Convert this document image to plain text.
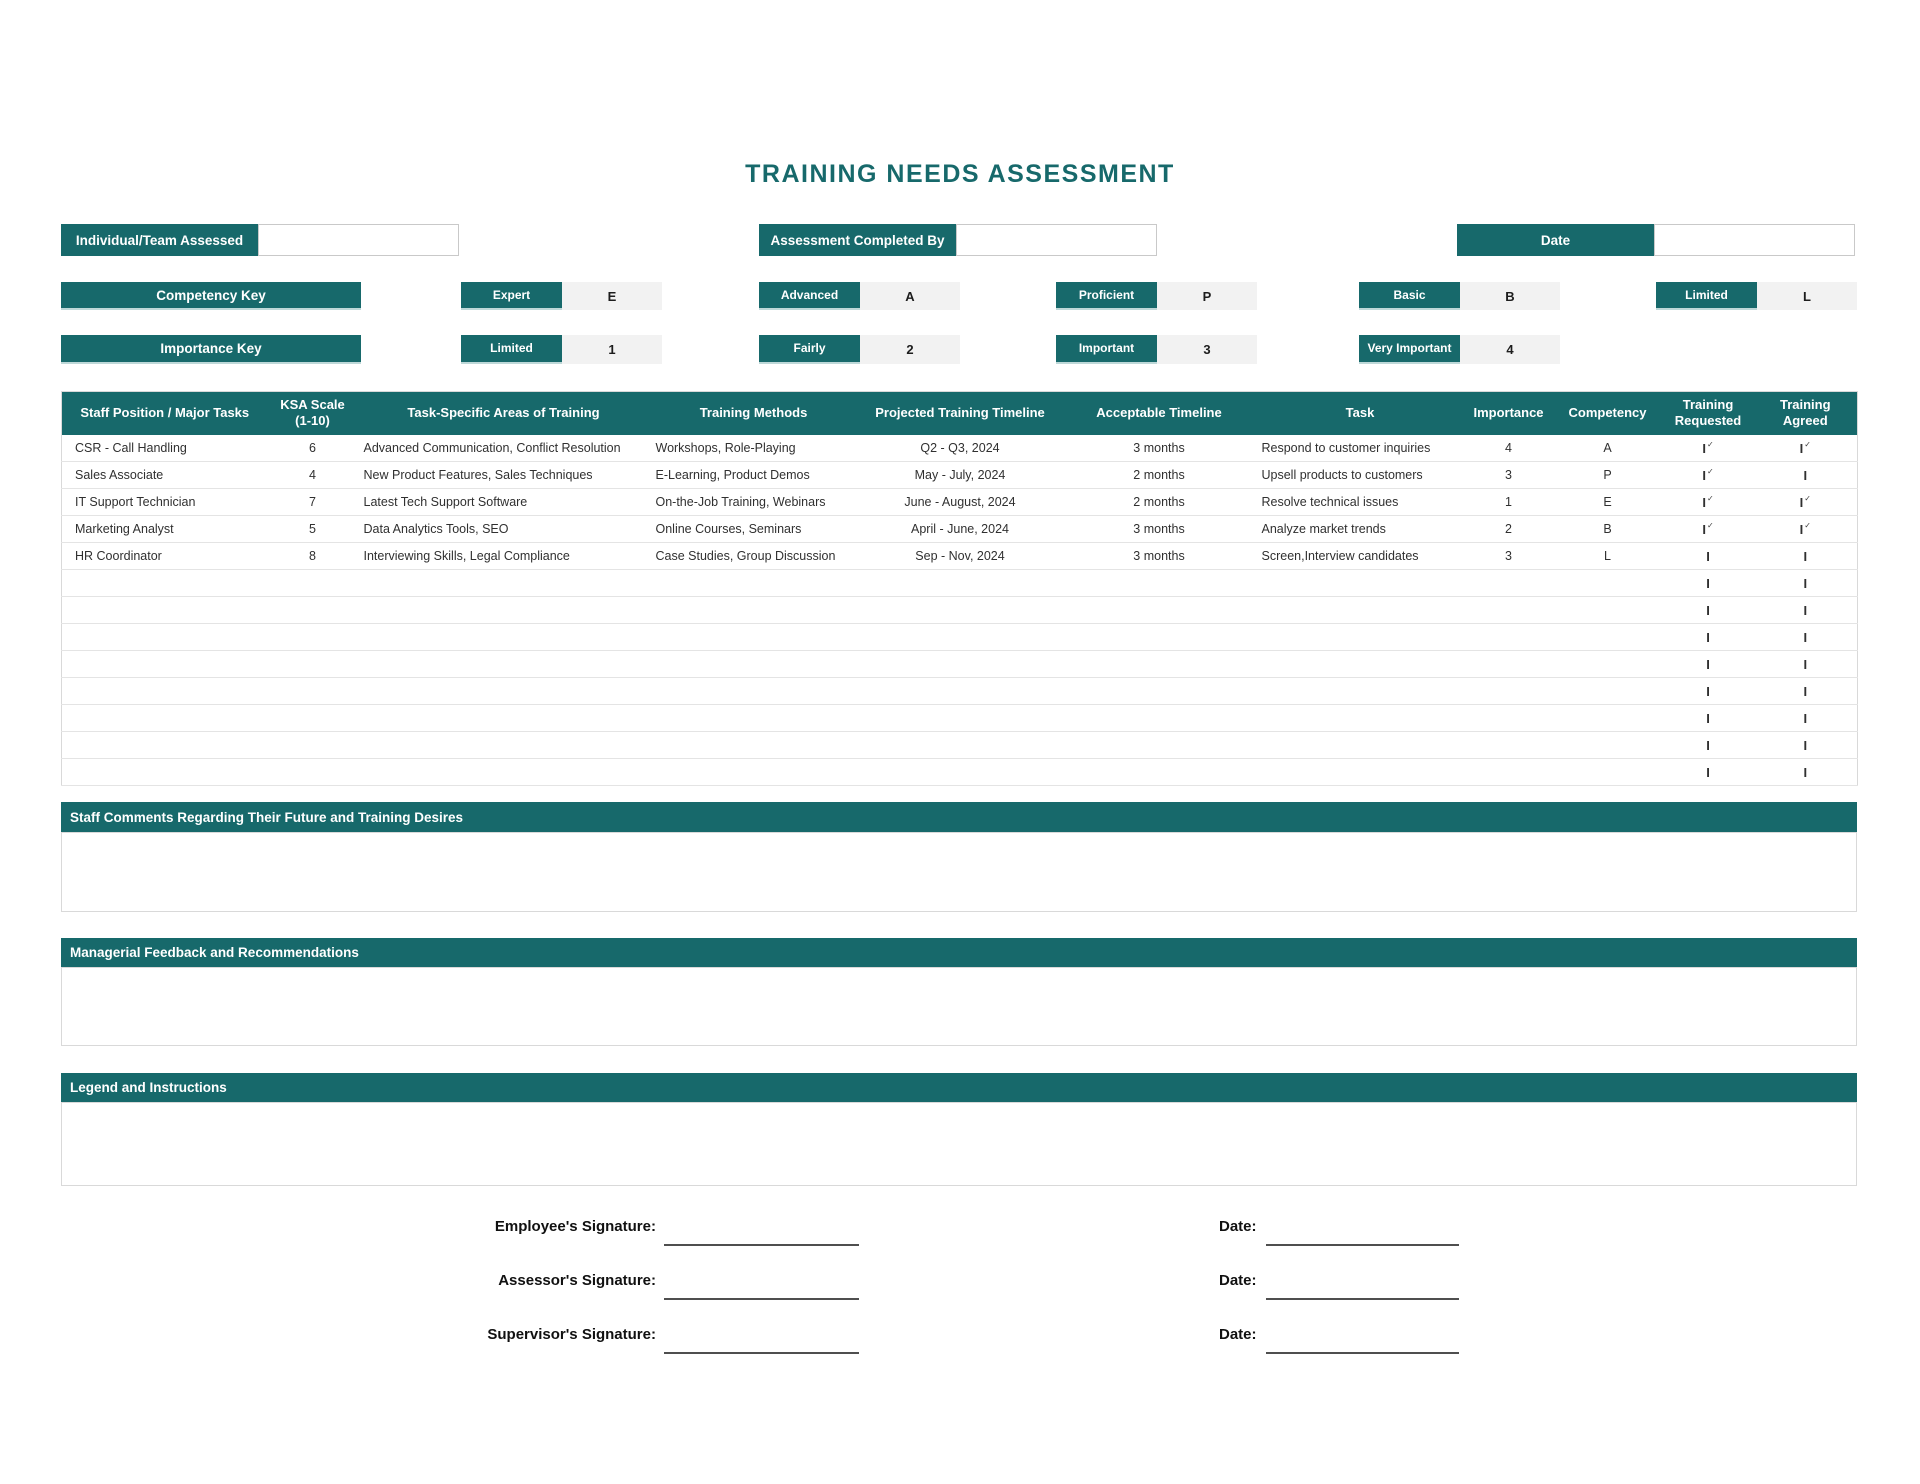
TRAINING NEEDS ASSESSMENT
Individual/Team Assessed	Assessment Completed By	Date
Competency Key	Expert	E	Advanced	A	Proficient	P	Basic	B	Limited	L
Importance Key	Limited	1	Fairly	2	Important	3	Very Important	4
Staff Position / Major Tasks	KSA Scale (1-10)	Task-Specific Areas of Training	Training Methods	Projected Training Timeline	Acceptable Timeline	Task	Importance	Competency	Training Requested	Training Agreed
CSR - Call Handling	6	Advanced Communication, Conflict Resolution	Workshops, Role-Playing	Q2 - Q3, 2024	3 months	Respond to customer inquiries	4	A	I✓	I✓
Sales Associate	4	New Product Features, Sales Techniques	E-Learning, Product Demos	May - July, 2024	2 months	Upsell products to customers	3	P	I✓	I
IT Support Technician	7	Latest Tech Support Software	On-the-Job Training, Webinars	June - August, 2024	2 months	Resolve technical issues	1	E	I✓	I✓
Marketing Analyst	5	Data Analytics Tools, SEO	Online Courses, Seminars	April - June, 2024	3 months	Analyze market trends	2	B	I✓	I✓
HR Coordinator	8	Interviewing Skills, Legal Compliance	Case Studies, Group Discussion	Sep - Nov, 2024	3 months	Screen,Interview candidates	3	L	I	I
									I	I
									I	I
									I	I
									I	I
									I	I
									I	I
									I	I
									I	I
Staff Comments Regarding Their Future and Training Desires
Managerial Feedback and Recommendations
Legend and Instructions
Employee's Signature:	Date:
Assessor's Signature:	Date:
Supervisor's Signature:	Date:
